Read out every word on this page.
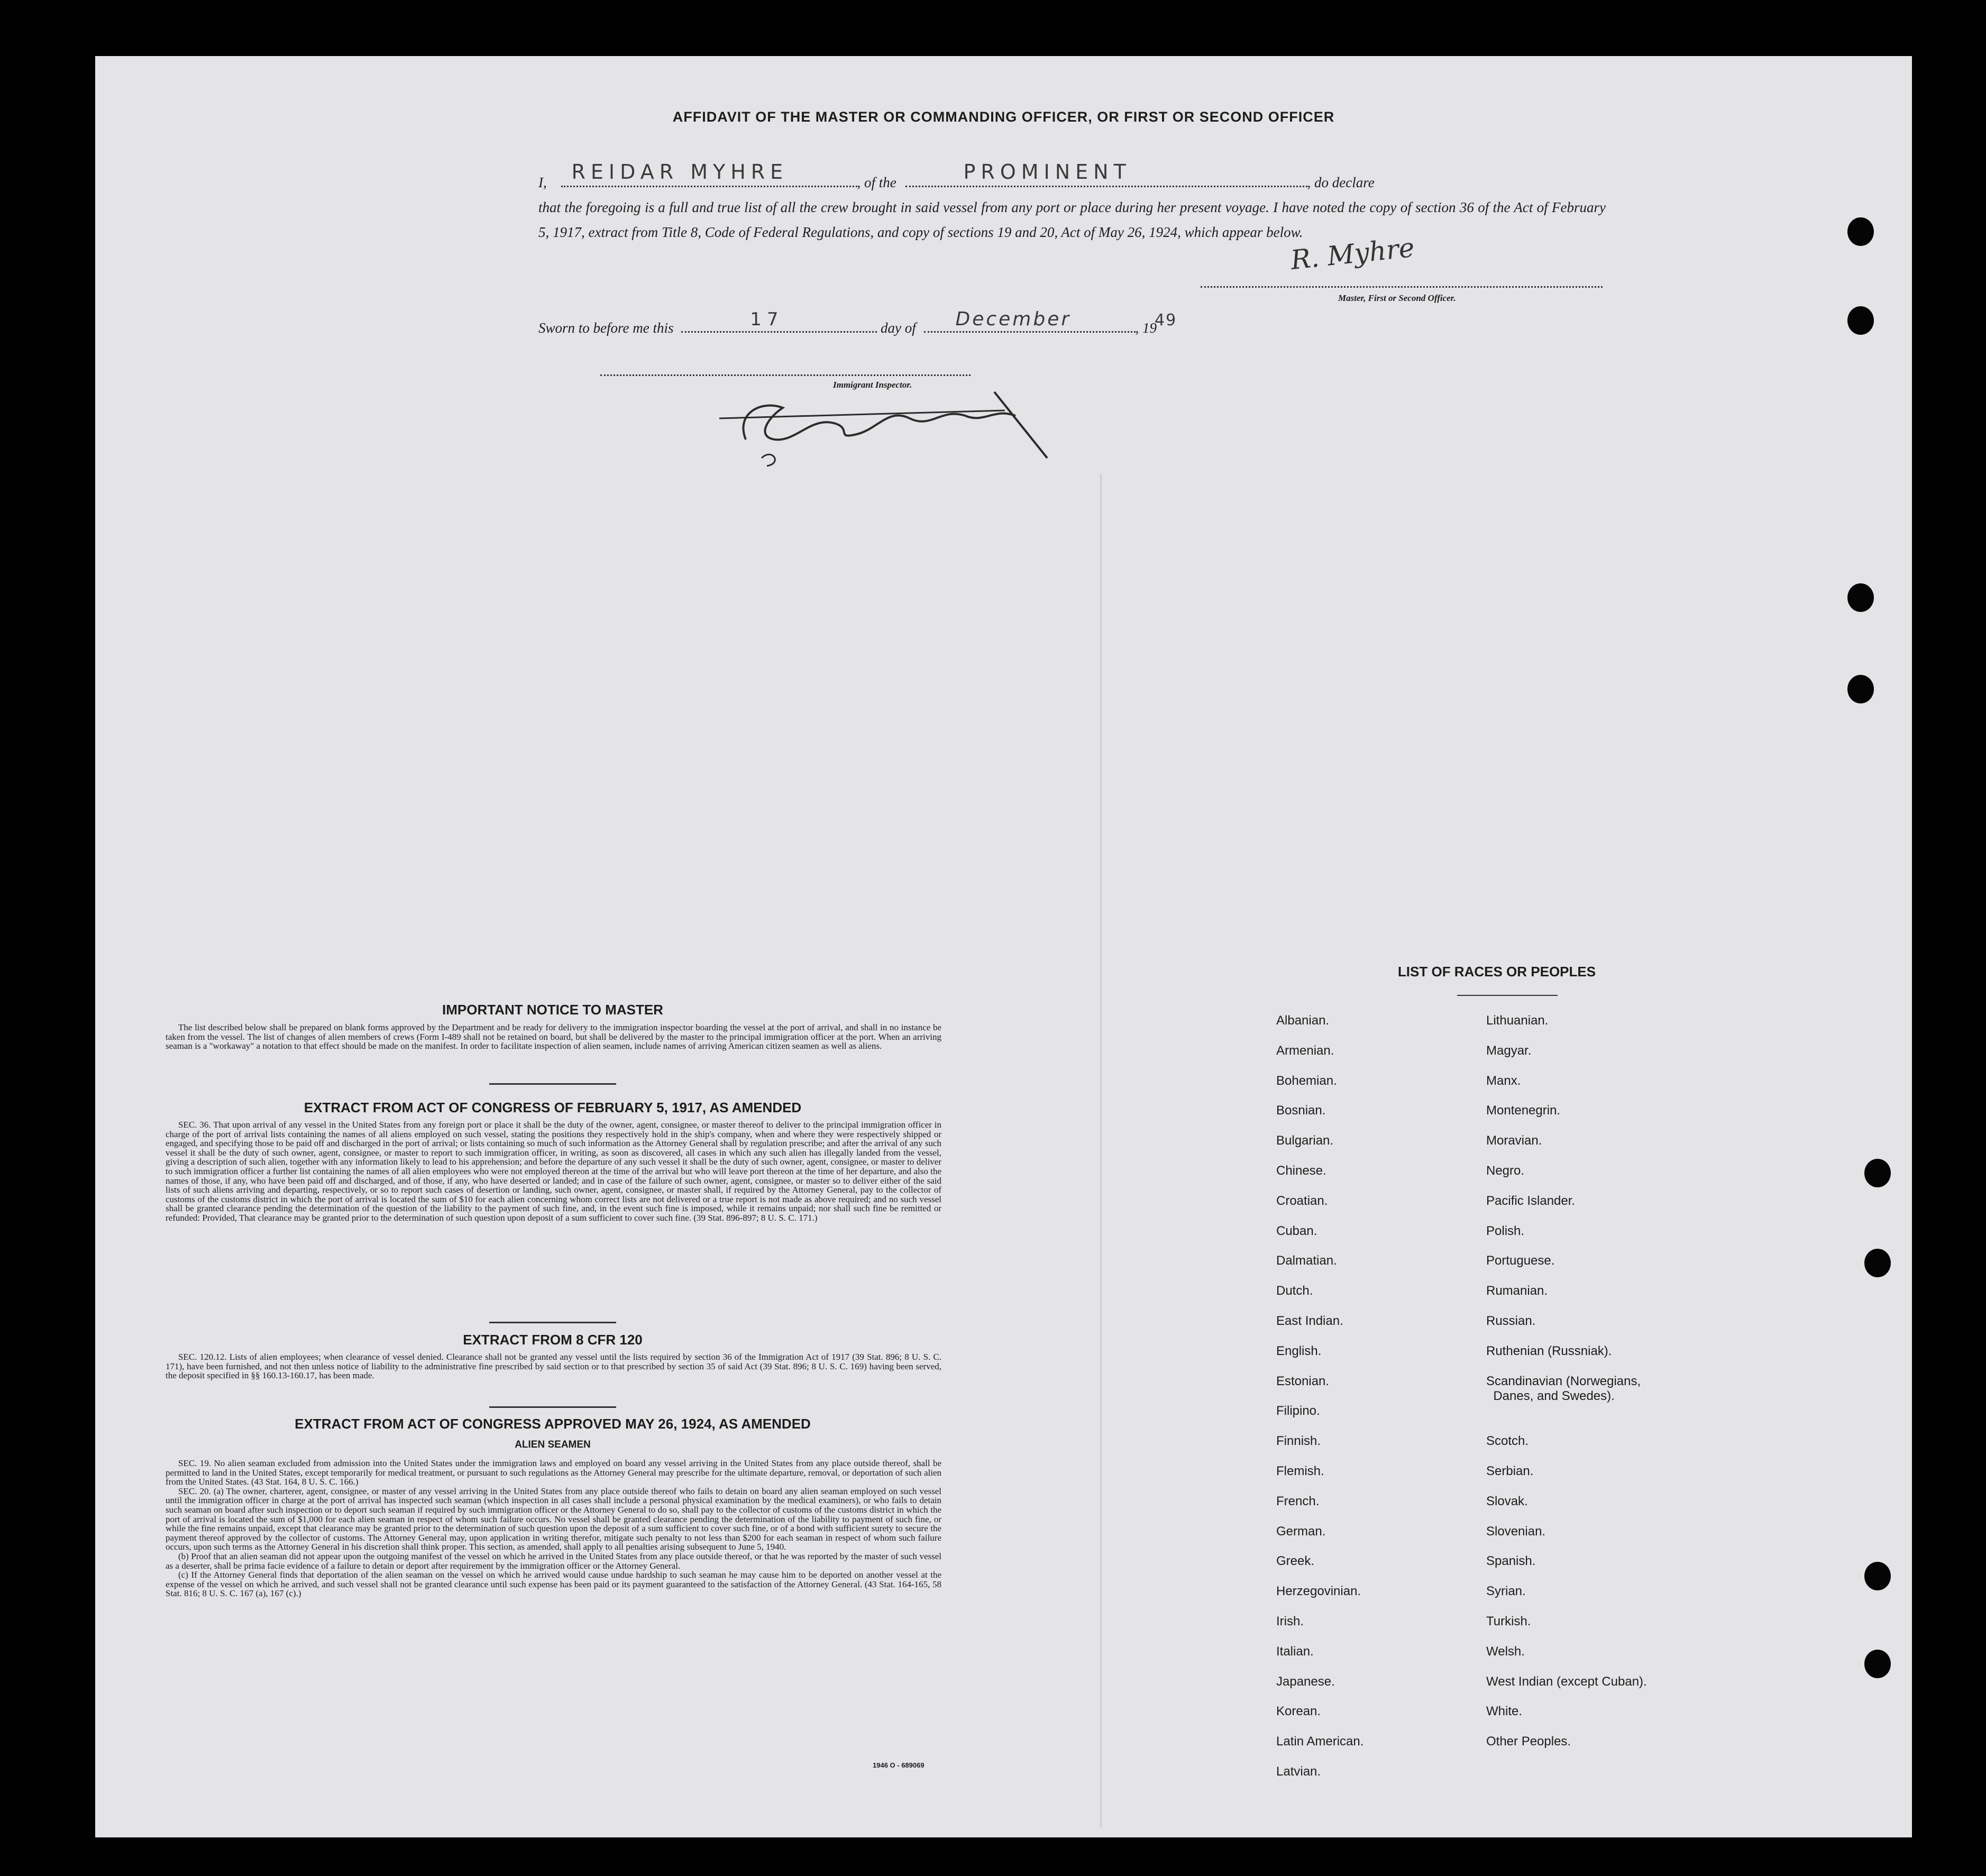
AFFIDAVIT OF THE MASTER OR COMMANDING OFFICER, OR FIRST OR SECOND OFFICER
I, REIDAR MYHRE	, of the	PROMINENT	, do declare
that the foregoing is a full and true list of all the crew brought in said vessel from any port or place during her present voyage. I have noted the copy of section 36 of the Act of February 5, 1917, extract from Title 8, Code of Federal Regulations, and copy of sections 19 and 20, Act of May 26, 1924, which appear below.
R. Myhre
Master, First or Second Officer.
Sworn to before me this	17	day of December	, 19
49
Immigrant Inspector.
IMPORTANT NOTICE TO MASTER

The list described below shall be prepared on blank forms approved by the Department and be ready for delivery to the immigration inspector boarding the vessel at the port of arrival, and shall in no instance be taken from the vessel. The list of changes of alien members of crews (Form I-489 shall not be retained on board, but shall be delivered by the master to the principal immigration officer at the port. When an arriving seaman is a "workaway" a notation to that effect should be made on the manifest. In order to facilitate inspection of alien seamen, include names of arriving American citizen seamen as well as aliens.

EXTRACT FROM ACT OF CONGRESS OF FEBRUARY 5, 1917, AS AMENDED

SEC. 36. That upon arrival of any vessel in the United States from any foreign port or place it shall be the duty of the owner, agent, consignee, or master thereof to deliver to the principal immigration officer in charge of the port of arrival lists containing the names of all aliens employed on such vessel, stating the positions they respectively hold in the ship's company, when and where they were respectively shipped or engaged, and specifying those to be paid off and discharged in the port of arrival; or lists containing so much of such information as the Attorney General shall by regulation prescribe; and after the arrival of any such vessel it shall be the duty of such owner, agent, consignee, or master to report to such immigration officer, in writing, as soon as discovered, all cases in which any such alien has illegally landed from the vessel, giving a description of such alien, together with any information likely to lead to his apprehension; and before the departure of any such vessel it shall be the duty of such owner, agent, consignee, or master to deliver to such immigration officer a further list containing the names of all alien employees who were not employed thereon at the time of the arrival but who will leave port thereon at the time of her departure, and also the names of those, if any, who have been paid off and discharged, and of those, if any, who have deserted or landed; and in case of the failure of such owner, agent, consignee, or master so to deliver either of the said lists of such aliens arriving and departing, respectively, or so to report such cases of desertion or landing, such owner, agent, consignee, or master shall, if required by the Attorney General, pay to the collector of customs of the customs district in which the port of arrival is located the sum of $10 for each alien concerning whom correct lists are not delivered or a true report is not made as above required; and no such vessel shall be granted clearance pending the determination of the question of the liability to the payment of such fine, and, in the event such fine is imposed, while it remains unpaid; nor shall such fine be remitted or refunded: Provided, That clearance may be granted prior to the determination of such question upon deposit of a sum sufficient to cover such fine. (39 Stat. 896-897; 8 U. S. C. 171.)

EXTRACT FROM 8 CFR 120

SEC. 120.12. Lists of alien employees; when clearance of vessel denied. Clearance shall not be granted any vessel until the lists required by section 36 of the Immigration Act of 1917 (39 Stat. 896; 8 U. S. C. 171), have been furnished, and not then unless notice of liability to the administrative fine prescribed by said section or to that prescribed by section 35 of said Act (39 Stat. 896; 8 U. S. C. 169) having been served, the deposit specified in §§ 160.13-160.17, has been made.

EXTRACT FROM ACT OF CONGRESS APPROVED MAY 26, 1924, AS AMENDED
ALIEN SEAMEN

SEC. 19. No alien seaman excluded from admission into the United States under the immigration laws and employed on board any vessel arriving in the United States from any place outside thereof, shall be permitted to land in the United States, except temporarily for medical treatment, or pursuant to such regulations as the Attorney General may prescribe for the ultimate departure, removal, or deportation of such alien from the United States. (43 Stat. 164, 8 U. S. C. 166.)

SEC. 20. (a) The owner, charterer, agent, consignee, or master of any vessel arriving in the United States from any place outside thereof who fails to detain on board any alien seaman employed on such vessel until the immigration officer in charge at the port of arrival has inspected such seaman (which inspection in all cases shall include a personal physical examination by the medical examiners), or who fails to detain such seaman on board after such inspection or to deport such seaman if required by such immigration officer or the Attorney General to do so, shall pay to the collector of customs of the customs district in which the port of arrival is located the sum of $1,000 for each alien seaman in respect of whom such failure occurs. No vessel shall be granted clearance pending the determination of the liability to payment of such fine, or while the fine remains unpaid, except that clearance may be granted prior to the determination of such question upon the deposit of a sum sufficient to cover such fine, or of a bond with sufficient surety to secure the payment thereof approved by the collector of customs. The Attorney General may, upon application in writing therefor, mitigate such penalty to not less than $200 for each seaman in respect of whom such failure occurs, upon such terms as the Attorney General in his discretion shall think proper. This section, as amended, shall apply to all penalties arising subsequent to June 5, 1940.

(b) Proof that an alien seaman did not appear upon the outgoing manifest of the vessel on which he arrived in the United States from any place outside thereof, or that he was reported by the master of such vessel as a deserter, shall be prima facie evidence of a failure to detain or deport after requirement by the immigration officer or the Attorney General.

(c) If the Attorney General finds that deportation of the alien seaman on the vessel on which he arrived would cause undue hardship to such seaman he may cause him to be deported on another vessel at the expense of the vessel on which he arrived, and such vessel shall not be granted clearance until such expense has been paid or its payment guaranteed to the satisfaction of the Attorney General. (43 Stat. 164-165, 58 Stat. 816; 8 U. S. C. 167 (a), 167 (c).)

1946 O - 689069
LIST OF RACES OR PEOPLES
Albanian.
Armenian.
Bohemian.
Bosnian.
Bulgarian.
Chinese.
Croatian.
Cuban.
Dalmatian.
Dutch.
East Indian.
English.
Estonian.
Filipino.
Finnish.
Flemish.
French.
German.
Greek.
Herzegovinian.
Irish.
Italian.
Japanese.
Korean.
Latin American.
Latvian.
Lithuanian.
Magyar.
Manx.
Montenegrin.
Moravian.
Negro.
Pacific Islander.
Polish.
Portuguese.
Rumanian.
Russian.
Ruthenian (Russniak).
Scandinavian (Norwegians,
Danes, and Swedes).
Scotch.
Serbian.
Slovak.
Slovenian.
Spanish.
Syrian.
Turkish.
Welsh.
West Indian (except Cuban).
White.
Other Peoples.
